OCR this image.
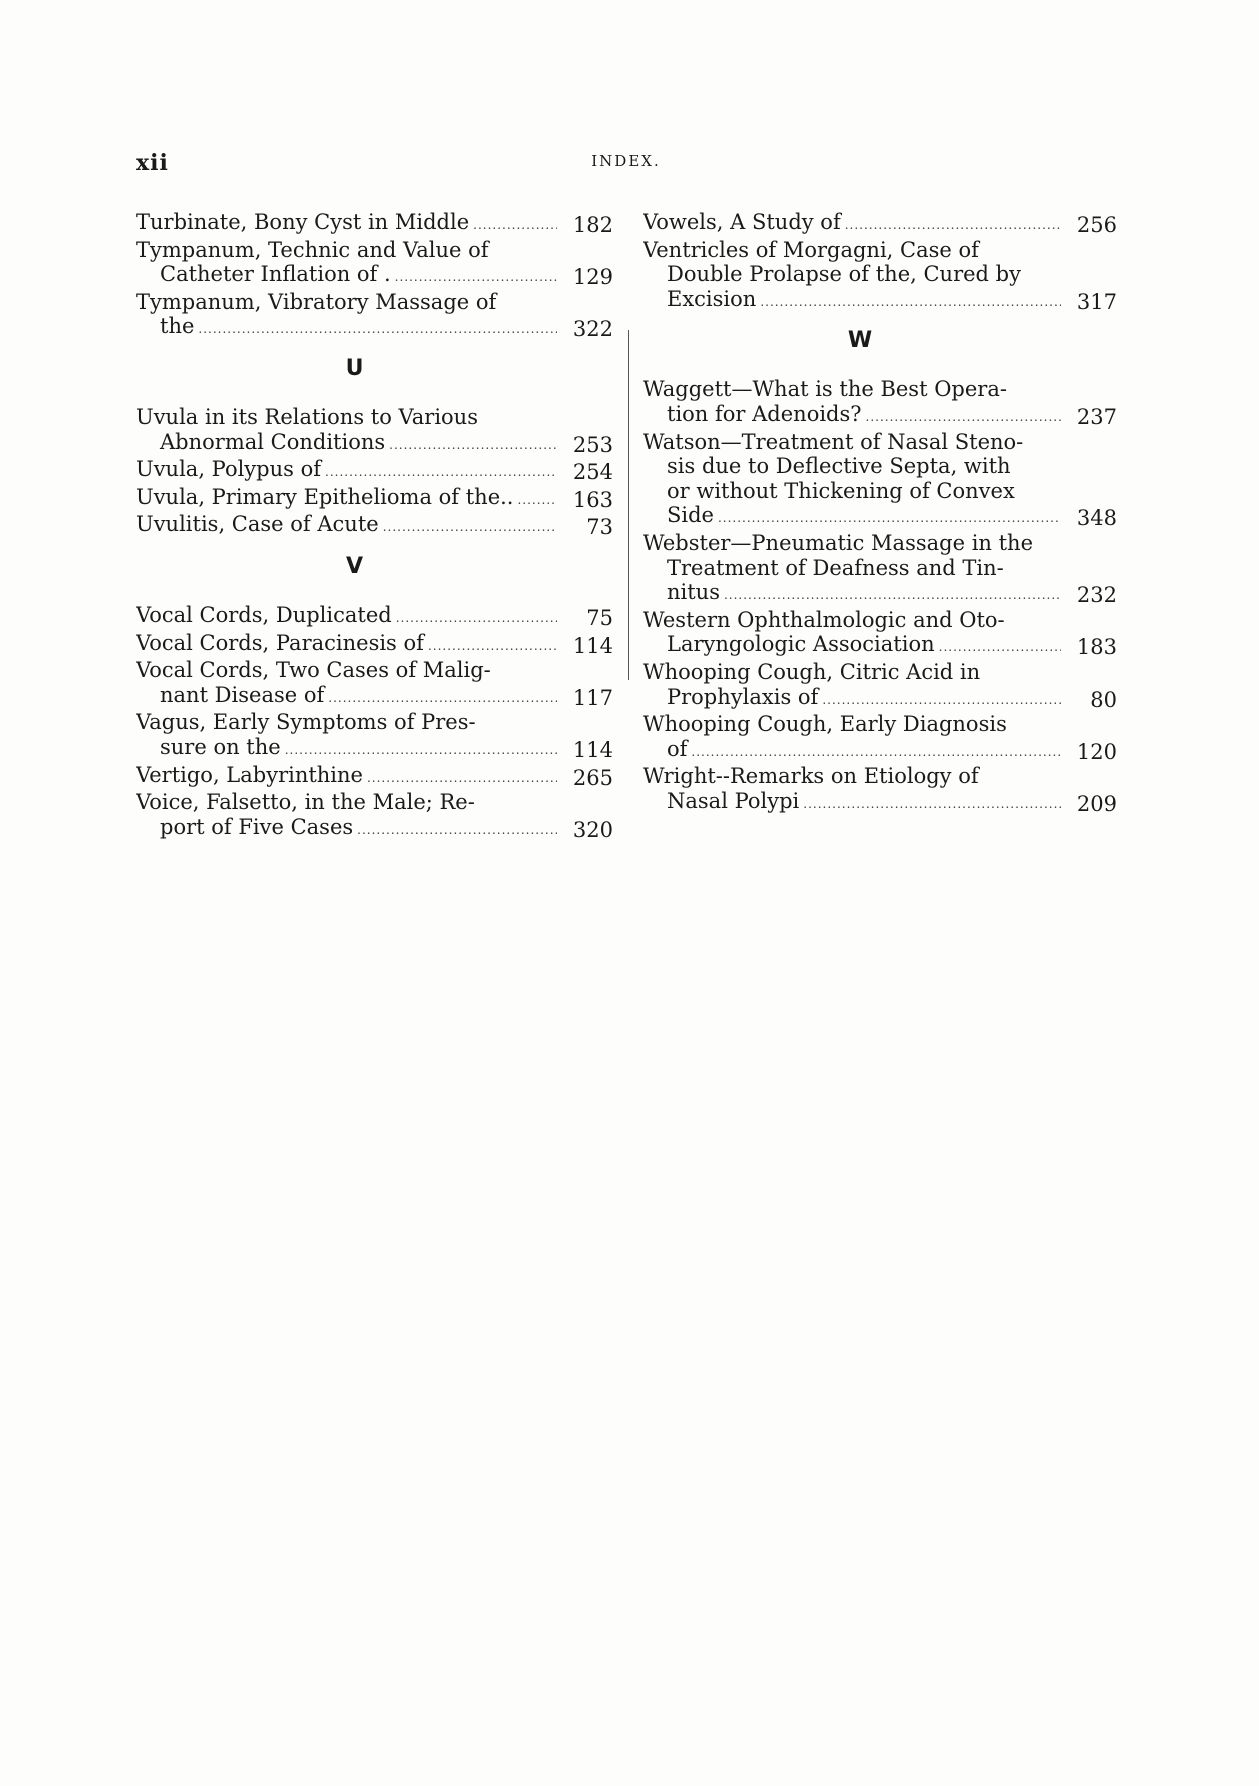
xii	INDEX.
Turbinate, Bony Cyst in Middle .....	182
Tympanum, Technic and Value of
Catheter Inflation of . .....	129
Tympanum, Vibratory Massage of
the .....	322
U
Uvula in its Relations to Various
Abnormal Conditions .....	253
Uvula, Polypus of .....	254
Uvula, Primary Epithelioma of the.. .....	163
Uvulitis, Case of Acute .....	73
V
Vocal Cords, Duplicated .....	75
Vocal Cords, Paracinesis of .....	114
Vocal Cords, Two Cases of Malig-
nant Disease of .....	117
Vagus, Early Symptoms of Pres-
sure on the .....	114
Vertigo, Labyrinthine .....	265
Voice, Falsetto, in the Male; Re-
port of Five Cases .....	320
Vowels, A Study of .....	256
Ventricles of Morgagni, Case of
Double Prolapse of the, Cured by
Excision .....	317
W
Waggett—What is the Best Opera-
tion for Adenoids? .....	237
Watson—Treatment of Nasal Steno-
sis due to Deflective Septa, with
or without Thickening of Convex
Side .....	348
Webster—Pneumatic Massage in the
Treatment of Deafness and Tin-
nitus .....	232
Western Ophthalmologic and Oto-
Laryngologic Association .....	183
Whooping Cough, Citric Acid in
Prophylaxis of .....	80
Whooping Cough, Early Diagnosis
of .....	120
Wright--Remarks on Etiology of
Nasal Polypi .....	209
